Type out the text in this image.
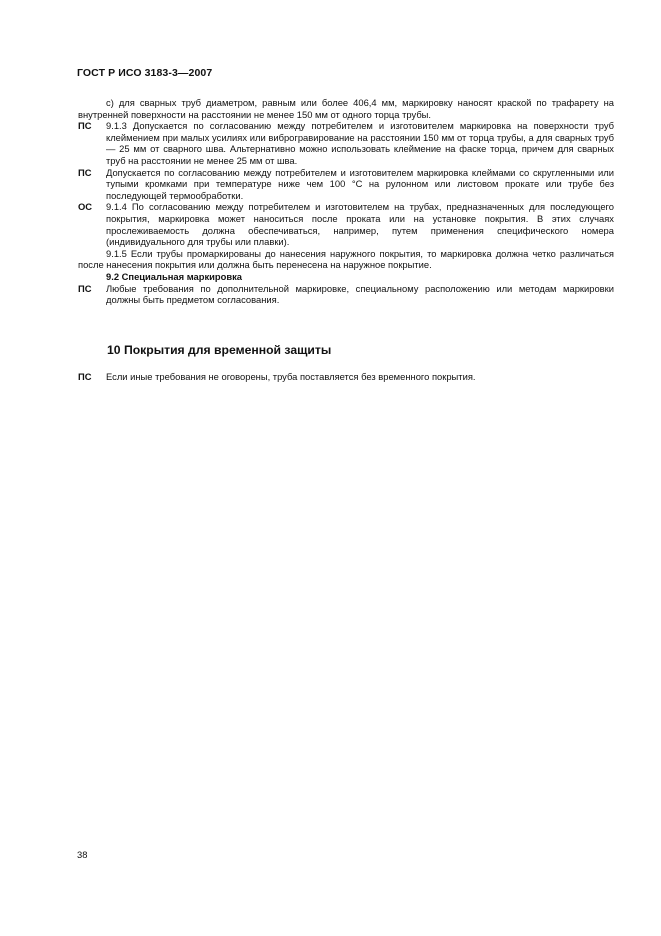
ГОСТ Р ИСО 3183-3—2007

c) для сварных труб диаметром, равным или более 406,4 мм, маркировку наносят краской по трафарету на внутренней поверхности на расстоянии не менее 150 мм от одного торца трубы.

ПС 9.1.3 Допускается по согласованию между потребителем и изготовителем маркировка на поверхности труб клеймением при малых усилиях или виброгравирование на расстоянии 150 мм от торца трубы, а для сварных труб — 25 мм от сварного шва. Альтернативно можно использовать клеймение на фаске торца, причем для сварных труб на расстоянии не менее 25 мм от шва.

ПС Допускается по согласованию между потребителем и изготовителем маркировка клеймами со скругленными или тупыми кромками при температуре ниже чем 100 °С на рулонном или листовом прокате или трубе без последующей термообработки.

ОС 9.1.4 По согласованию между потребителем и изготовителем на трубах, предназначенных для последующего покрытия, маркировка может наноситься после проката или на установке покрытия. В этих случаях прослеживаемость должна обеспечиваться, например, путем применения специфического номера (индивидуального для трубы или плавки).

9.1.5 Если трубы промаркированы до нанесения наружного покрытия, то маркировка должна четко различаться после нанесения покрытия или должна быть перенесена на наружное покрытие.

9.2 Специальная маркировка

ПС Любые требования по дополнительной маркировке, специальному расположению или методам маркировки должны быть предметом согласования.

10 Покрытия для временной защиты

ПС Если иные требования не оговорены, труба поставляется без временного покрытия.

38
